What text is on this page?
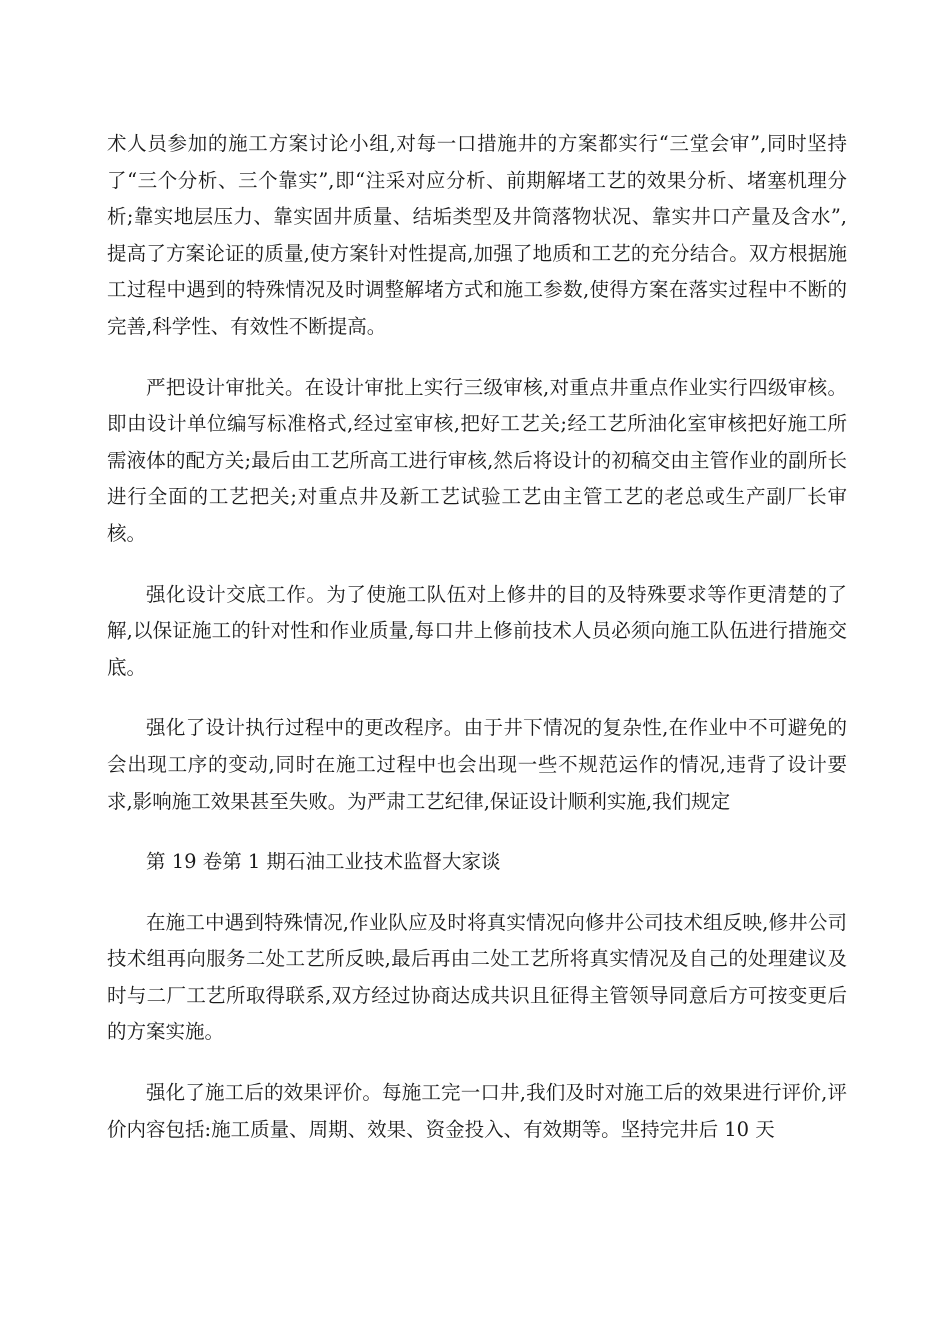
术人员参加的施工方案讨论小组,对每一口措施井的方案都实行“三堂会审”,同时坚持了“三个分析、三个靠实”,即“注采对应分析、前期解堵工艺的效果分析、堵塞机理分析;靠实地层压力、靠实固井质量、结垢类型及井筒落物状况、靠实井口产量及含水”,提高了方案论证的质量,使方案针对性提高,加强了地质和工艺的充分结合。双方根据施工过程中遇到的特殊情况及时调整解堵方式和施工参数,使得方案在落实过程中不断的完善,科学性、有效性不断提高。

严把设计审批关。在设计审批上实行三级审核,对重点井重点作业实行四级审核。即由设计单位编写标准格式,经过室审核,把好工艺关;经工艺所油化室审核把好施工所需液体的配方关;最后由工艺所高工进行审核,然后将设计的初稿交由主管作业的副所长进行全面的工艺把关;对重点井及新工艺试验工艺由主管工艺的老总或生产副厂长审核。

强化设计交底工作。为了使施工队伍对上修井的目的及特殊要求等作更清楚的了解,以保证施工的针对性和作业质量,每口井上修前技术人员必须向施工队伍进行措施交底。

强化了设计执行过程中的更改程序。由于井下情况的复杂性,在作业中不可避免的会出现工序的变动,同时在施工过程中也会出现一些不规范运作的情况,违背了设计要求,影响施工效果甚至失败。为严肃工艺纪律,保证设计顺利实施,我们规定

第 19 卷第 1 期石油工业技术监督大家谈

在施工中遇到特殊情况,作业队应及时将真实情况向修井公司技术组反映,修井公司技术组再向服务二处工艺所反映,最后再由二处工艺所将真实情况及自己的处理建议及时与二厂工艺所取得联系,双方经过协商达成共识且征得主管领导同意后方可按变更后的方案实施。

强化了施工后的效果评价。每施工完一口井,我们及时对施工后的效果进行评价,评价内容包括:施工质量、周期、效果、资金投入、有效期等。坚持完井后 10 天
